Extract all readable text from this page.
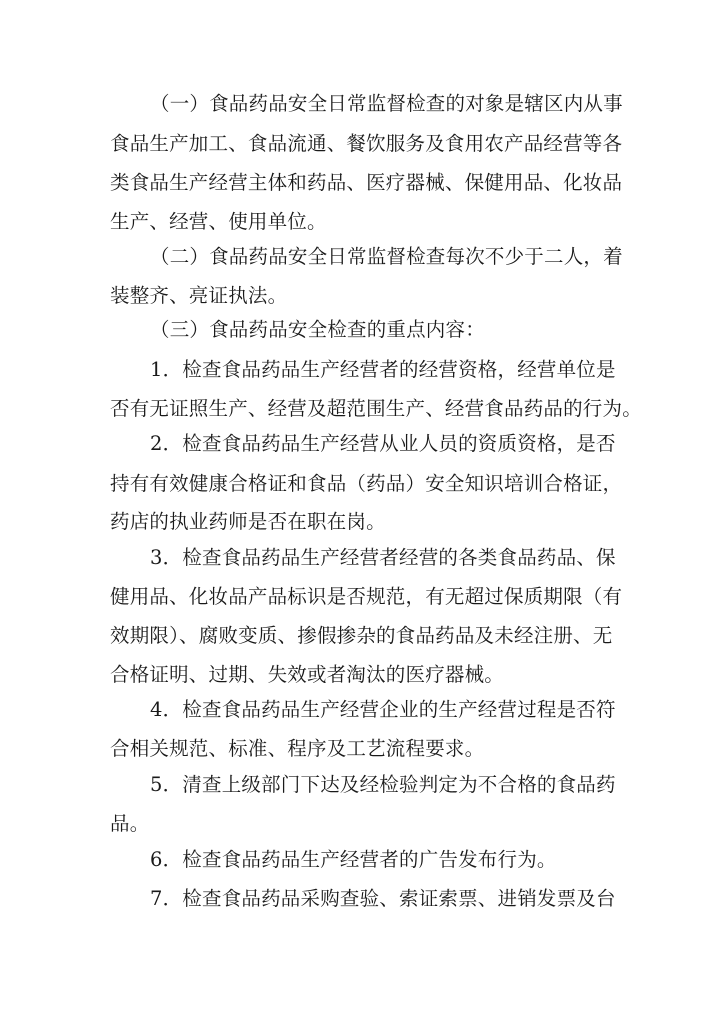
（一）食品药品安全日常监督检查的对象是辖区内从事
食品生产加工、食品流通、餐饮服务及食用农产品经营等各
类食品生产经营主体和药品、医疗器械、保健用品、化妆品
生产、经营、使用单位。
（二）食品药品安全日常监督检查每次不少于二人，着
装整齐、亮证执法。
（三）食品药品安全检查的重点内容：
1．检查食品药品生产经营者的经营资格，经营单位是
否有无证照生产、经营及超范围生产、经营食品药品的行为。
2．检查食品药品生产经营从业人员的资质资格，是否
持有有效健康合格证和食品（药品）安全知识培训合格证，
药店的执业药师是否在职在岗。
3．检查食品药品生产经营者经营的各类食品药品、保
健用品、化妆品产品标识是否规范，有无超过保质期限（有
效期限）、腐败变质、掺假掺杂的食品药品及未经注册、无
合格证明、过期、失效或者淘汰的医疗器械。
4．检查食品药品生产经营企业的生产经营过程是否符
合相关规范、标准、程序及工艺流程要求。
5．清查上级部门下达及经检验判定为不合格的食品药
品。
6．检查食品药品生产经营者的广告发布行为。
7．检查食品药品采购查验、索证索票、进销发票及台
